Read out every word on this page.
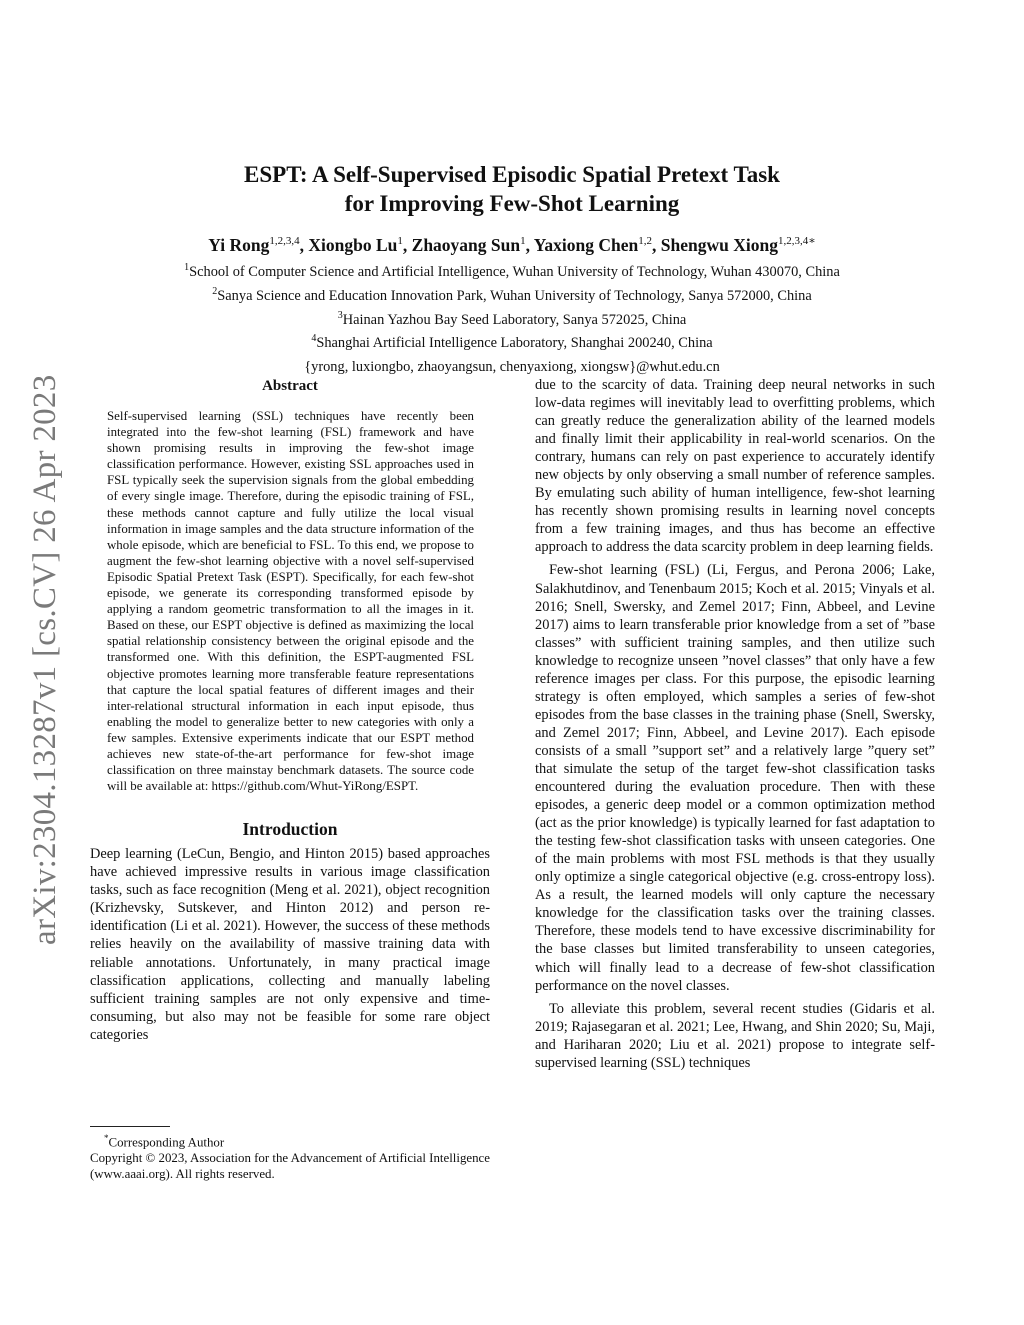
arXiv:2304.13287v1 [cs.CV] 26 Apr 2023
ESPT: A Self-Supervised Episodic Spatial Pretext Task
for Improving Few-Shot Learning
Yi Rong$^{1,2,3,4}$, Xiongbo Lu$^1$, Zhaoyang Sun$^1$, Yaxiong Chen$^{1,2}$, Shengwu Xiong$^{1,2,3,4∗}$
$^1$School of Computer Science and Artificial Intelligence, Wuhan University of Technology, Wuhan 430070, China
$^2$Sanya Science and Education Innovation Park, Wuhan University of Technology, Sanya 572000, China
$^3$Hainan Yazhou Bay Seed Laboratory, Sanya 572025, China
$^4$Shanghai Artificial Intelligence Laboratory, Shanghai 200240, China
{yrong, luxiongbo, zhaoyangsun, chenyaxiong, xiongsw}@whut.edu.cn
Abstract
Self-supervised learning (SSL) techniques have recently been integrated into the few-shot learning (FSL) framework and have shown promising results in improving the few-shot image classification performance. However, existing SSL approaches used in FSL typically seek the supervision signals from the global embedding of every single image. Therefore, during the episodic training of FSL, these methods cannot capture and fully utilize the local visual information in image samples and the data structure information of the whole episode, which are beneficial to FSL. To this end, we propose to augment the few-shot learning objective with a novel self-supervised Episodic Spatial Pretext Task (ESPT). Specifically, for each few-shot episode, we generate its corresponding transformed episode by applying a random geometric transformation to all the images in it. Based on these, our ESPT objective is defined as maximizing the local spatial relationship consistency between the original episode and the transformed one. With this definition, the ESPT-augmented FSL objective promotes learning more transferable feature representations that capture the local spatial features of different images and their inter-relational structural information in each input episode, thus enabling the model to generalize better to new categories with only a few samples. Extensive experiments indicate that our ESPT method achieves new state-of-the-art performance for few-shot image classification on three mainstay benchmark datasets. The source code will be available at: https://github.com/Whut-YiRong/ESPT.
Introduction

Deep learning (LeCun, Bengio, and Hinton 2015) based approaches have achieved impressive results in various image classification tasks, such as face recognition (Meng et al. 2021), object recognition (Krizhevsky, Sutskever, and Hinton 2012) and person re-identification (Li et al. 2021). However, the success of these methods relies heavily on the availability of massive training data with reliable annotations. Unfortunately, in many practical image classification applications, collecting and manually labeling sufficient training samples are not only expensive and time-consuming, but also may not be feasible for some rare object categories

due to the scarcity of data. Training deep neural networks in such low-data regimes will inevitably lead to overfitting problems, which can greatly reduce the generalization ability of the learned models and finally limit their applicability in real-world scenarios. On the contrary, humans can rely on past experience to accurately identify new objects by only observing a small number of reference samples. By emulating such ability of human intelligence, few-shot learning has recently shown promising results in learning novel concepts from a few training images, and thus has become an effective approach to address the data scarcity problem in deep learning fields.

Few-shot learning (FSL) (Li, Fergus, and Perona 2006; Lake, Salakhutdinov, and Tenenbaum 2015; Koch et al. 2015; Vinyals et al. 2016; Snell, Swersky, and Zemel 2017; Finn, Abbeel, and Levine 2017) aims to learn transferable prior knowledge from a set of ”base classes” with sufficient training samples, and then utilize such knowledge to recognize unseen ”novel classes” that only have a few reference images per class. For this purpose, the episodic learning strategy is often employed, which samples a series of few-shot episodes from the base classes in the training phase (Snell, Swersky, and Zemel 2017; Finn, Abbeel, and Levine 2017). Each episode consists of a small ”support set” and a relatively large ”query set” that simulate the setup of the target few-shot classification tasks encountered during the evaluation procedure. Then with these episodes, a generic deep model or a common optimization method (act as the prior knowledge) is typically learned for fast adaptation to the testing few-shot classification tasks with unseen categories. One of the main problems with most FSL methods is that they usually only optimize a single categorical objective (e.g. cross-entropy loss). As a result, the learned models will only capture the necessary knowledge for the classification tasks over the training classes. Therefore, these models tend to have excessive discriminability for the base classes but limited transferability to unseen categories, which will finally lead to a decrease of few-shot classification performance on the novel classes.

To alleviate this problem, several recent studies (Gidaris et al. 2019; Rajasegaran et al. 2021; Lee, Hwang, and Shin 2020; Su, Maji, and Hariharan 2020; Liu et al. 2021) propose to integrate self-supervised learning (SSL) techniques

*Corresponding Author
Copyright © 2023, Association for the Advancement of Artificial Intelligence (www.aaai.org). All rights reserved.
